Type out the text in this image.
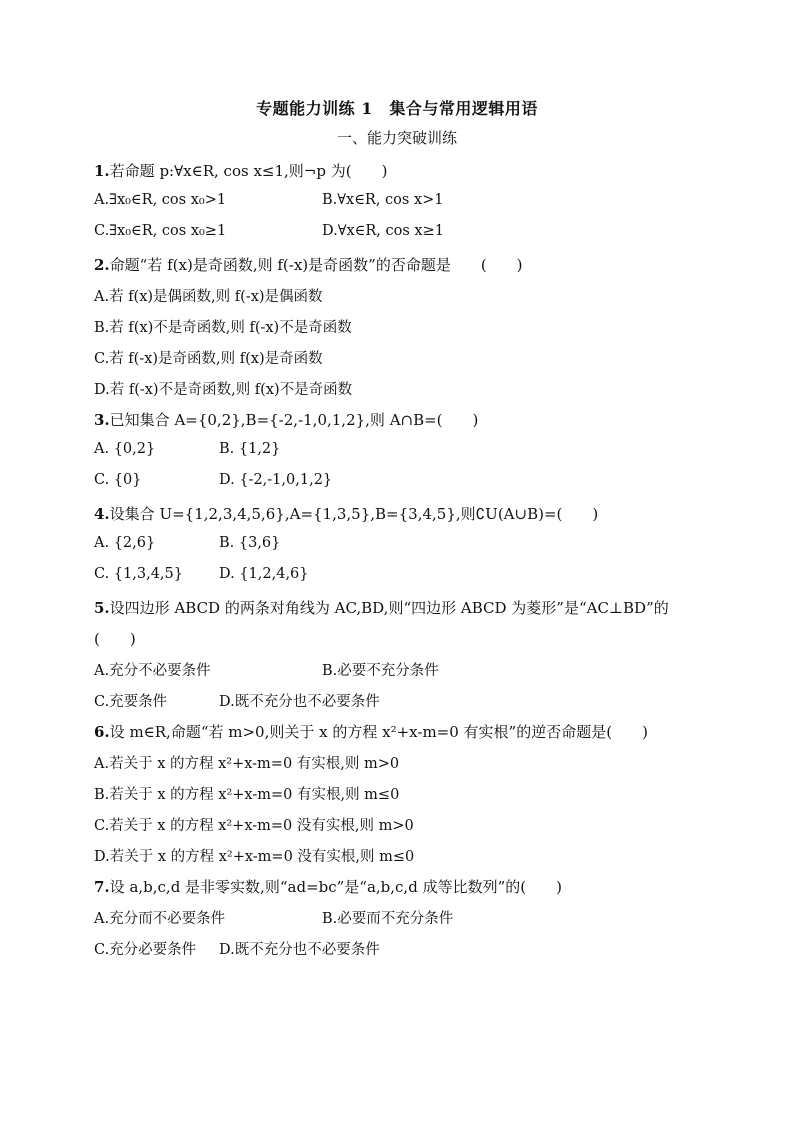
专题能力训练 1　集合与常用逻辑用语
一、能力突破训练
1.若命题 p:∀x∈R, cos x≤1,则¬p 为(　　)
A.∃x₀∈R, cos x₀>1	B.∀x∈R, cos x>1
C.∃x₀∈R, cos x₀≥1	D.∀x∈R, cos x≥1
2.命题“若 f(x)是奇函数,则 f(-x)是奇函数”的否命题是　　(　　)
A.若 f(x)是偶函数,则 f(-x)是偶函数
B.若 f(x)不是奇函数,则 f(-x)不是奇函数
C.若 f(-x)是奇函数,则 f(x)是奇函数
D.若 f(-x)不是奇函数,则 f(x)不是奇函数
3.已知集合 A={0,2},B={-2,-1,0,1,2},则 A∩B=(　　)
A. {0,2}	B. {1,2}
C. {0}	D. {-2,-1,0,1,2}
4.设集合 U={1,2,3,4,5,6},A={1,3,5},B={3,4,5},则∁U(A∪B)=(　　)
A. {2,6}	B. {3,6}
C. {1,3,4,5} D. {1,2,4,6}
5.设四边形 ABCD 的两条对角线为 AC,BD,则“四边形 ABCD 为菱形”是“AC⊥BD”的
(　　)
A.充分不必要条件	B.必要不充分条件
C.充要条件	D.既不充分也不必要条件
6.设 m∈R,命题“若 m>0,则关于 x 的方程 x²+x-m=0 有实根”的逆否命题是(　　)
A.若关于 x 的方程 x²+x-m=0 有实根,则 m>0
B.若关于 x 的方程 x²+x-m=0 有实根,则 m≤0
C.若关于 x 的方程 x²+x-m=0 没有实根,则 m>0
D.若关于 x 的方程 x²+x-m=0 没有实根,则 m≤0
7.设 a,b,c,d 是非零实数,则“ad=bc”是“a,b,c,d 成等比数列”的(　　)
A.充分而不必要条件	B.必要而不充分条件
C.充分必要条件 D.既不充分也不必要条件
